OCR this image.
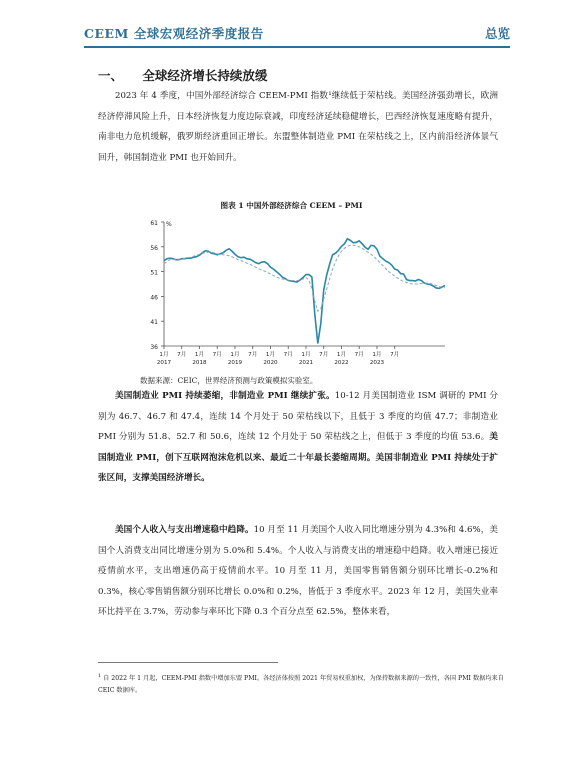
CEEM 全球宏观经济季度报告	总览
一、 全球经济增长持续放缓
2023 年 4 季度，中国外部经济综合 CEEM-PMI 指数¹继续低于荣枯线。美国经济强劲增长，欧洲经济停滞风险上升，日本经济恢复力度边际衰减，印度经济延续稳健增长，巴西经济恢复速度略有提升，南非电力危机缓解，俄罗斯经济重回正增长。东盟整体制造业 PMI 在荣枯线之上，区内前沿经济体景气回升，韩国制造业 PMI 也开始回升。
图表 1 中国外部经济综合 CEEM – PMI
36
41
46
51
56
61 %
1月 7月 1月 7月 1月 7月 1月 7月 1月 7月 1月 7月 1月 7月
2017	2018	2019	2020	2021	2022	2023
数据来源：CEIC，世界经济预测与政策模拟实验室。
美国制造业 PMI 持续萎缩，非制造业 PMI 继续扩张。10-12 月美国制造业 ISM 调研的 PMI 分别为 46.7、46.7 和 47.4，连续 14 个月处于 50 荣枯线以下，且低于 3 季度的均值 47.7；非制造业 PMI 分别为 51.8、52.7 和 50.6，连续 12 个月处于 50 荣枯线之上，但低于 3 季度的均值 53.6。美国制造业 PMI，创下互联网泡沫危机以来、最近二十年最长萎缩周期。美国非制造业 PMI 持续处于扩张区间，支撑美国经济增长。
美国个人收入与支出增速稳中趋降。10 月至 11 月美国个人收入同比增速分别为 4.3%和 4.6%，美国个人消费支出同比增速分别为 5.0%和 5.4%。个人收入与消费支出的增速稳中趋降。收入增速已接近疫情前水平，支出增速仍高于疫情前水平。10 月至 11 月，美国零售销售额分别环比增长-0.2%和 0.3%，核心零售销售额分别环比增长 0.0%和 0.2%，皆低于 3 季度水平。2023 年 12 月，美国失业率环比持平在 3.7%，劳动参与率环比下降 0.3 个百分点至 62.5%，整体来看，
$^1$ 自 2022 年 1 月起，CEEM-PMI 指数中增加东盟 PMI。各经济体按照 2021 年贸易权重加权，为保持数据来源的一致性，各国 PMI 数据均来自 CEIC 数据库。
